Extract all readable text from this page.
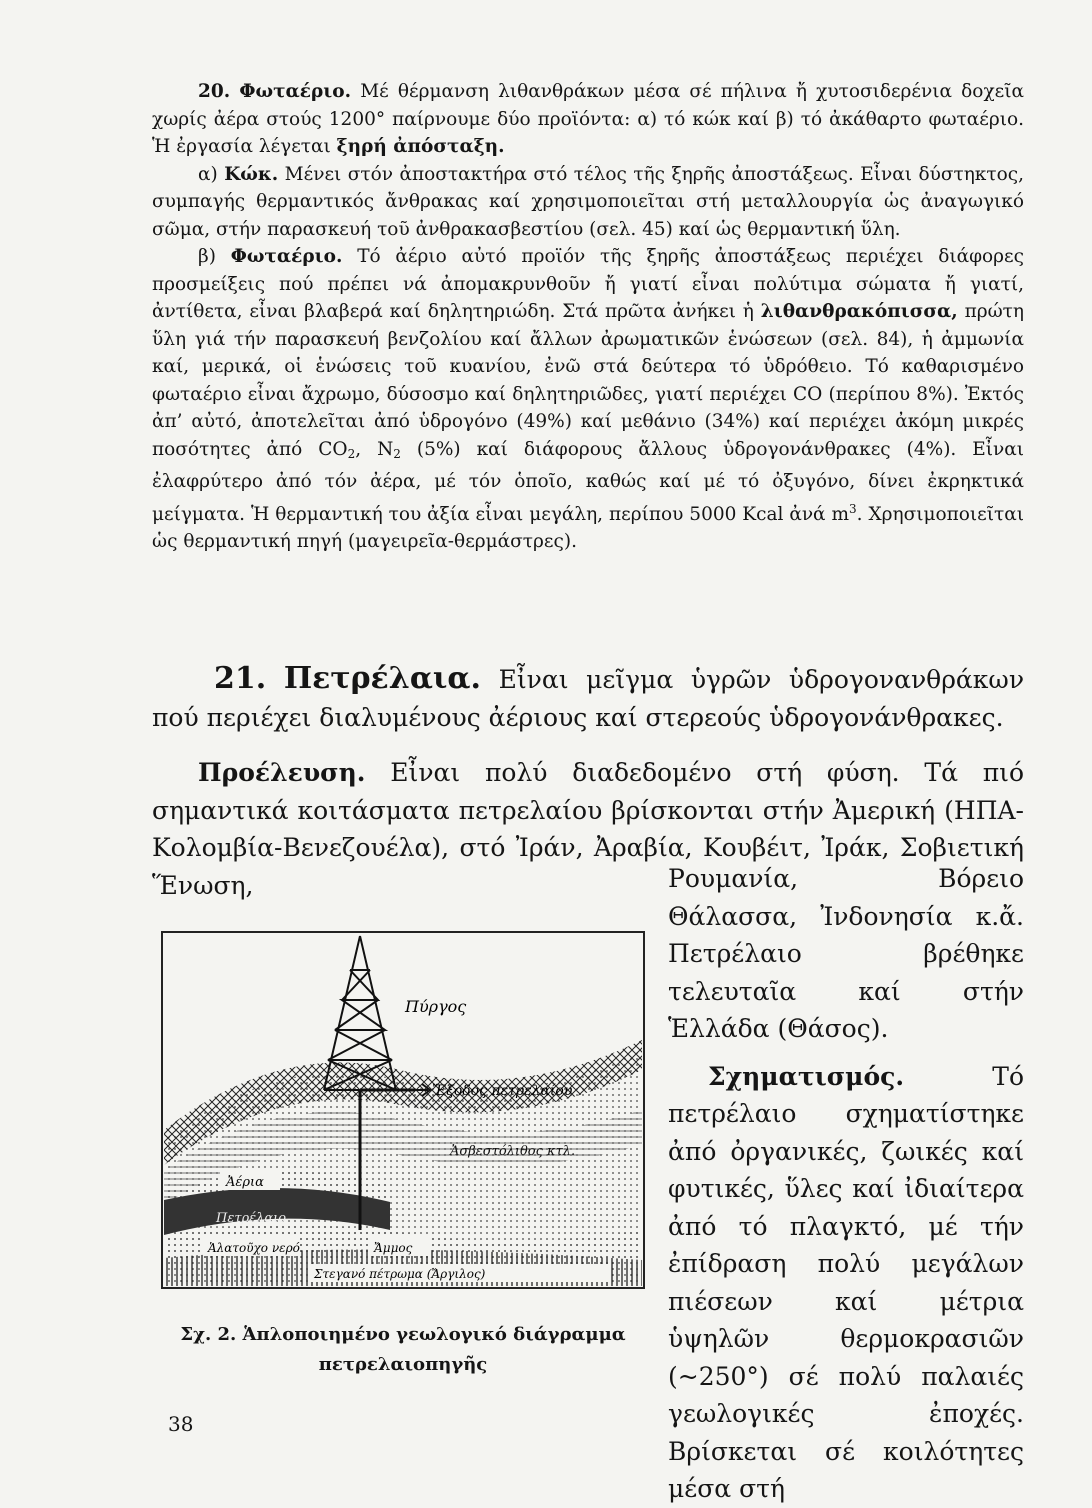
20. Φωταέριο. Μέ θέρμανση λιθανθράκων μέσα σέ πήλινα ἤ χυτοσιδερένια δοχεῖα χωρίς ἀέρα στούς 1200° παίρνουμε δύο προϊόντα: α) τό κώκ καί β) τό ἀκάθαρτο φωταέριο. Ἡ ἐργασία λέγεται ξηρή ἀπόσταξη.

α) Κώκ. Μένει στόν ἀποστακτήρα στό τέλος τῆς ξηρῆς ἀποστάξεως. Εἶναι δύστηκτος, συμπαγής θερμαντικός ἄνθρακας καί χρησιμοποιεῖται στή μεταλλουργία ὡς ἀναγωγικό σῶμα, στήν παρασκευή τοῦ ἀνθρακασβεστίου (σελ. 45) καί ὡς θερμαντική ὕλη.

β) Φωταέριο. Τό ἀέριο αὐτό προϊόν τῆς ξηρῆς ἀποστάξεως περιέχει διάφορες προσμείξεις πού πρέπει νά ἀπομακρυνθοῦν ἤ γιατί εἶναι πολύτιμα σώματα ἤ γιατί, ἀντίθετα, εἶναι βλαβερά καί δηλητηριώδη. Στά πρῶτα ἀνήκει ἡ λιθανθρακόπισσα, πρώτη ὕλη γιά τήν παρασκευή βενζολίου καί ἄλλων ἀρωματικῶν ἑνώσεων (σελ. 84), ἡ ἀμμωνία καί, μερικά, οἱ ἑνώσεις τοῦ κυανίου, ἐνῶ στά δεύτερα τό ὑδρόθειο. Τό καθαρισμένο φωταέριο εἶναι ἄχρωμο, δύσοσμο καί δηλητηριῶδες, γιατί περιέχει CO (περίπου 8%). Ἐκτός ἀπ’ αὐτό, ἀποτελεῖται ἀπό ὑδρογόνο (49%) καί μεθάνιο (34%) καί περιέχει ἀκόμη μικρές ποσότητες ἀπό $CO_2$, $N_2$ (5%) καί διάφορους ἄλλους ὑδρογονάνθρακες (4%). Εἶναι ἐλαφρύτερο ἀπό τόν ἀέρα, μέ τόν ὁποῖο, καθώς καί μέ τό ὀξυγόνο, δίνει ἐκρηκτικά μείγματα. Ἡ θερμαντική του ἀξία εἶναι μεγάλη, περίπου 5000 Kcal ἀνά $m^3$. Χρησιμοποιεῖται ὡς θερμαντική πηγή (μαγειρεῖα-θερμάστρες).

21. Πετρέλαια. Εἶναι μεῖγμα ὑγρῶν ὑδρογονανθράκων πού περιέχει διαλυμένους ἀέριους καί στερεούς ὑδρογονάνθρακες.

Προέλευση. Εἶναι πολύ διαδεδομένο στή φύση. Τά πιό σημαντικά κοιτάσματα πετρελαίου βρίσκονται στήν Ἀμερική (ΗΠΑ-Κολομβία-Βενεζουέλα), στό Ἰράν, Ἀραβία, Κουβέιτ, Ἰράκ, Σοβιετική Ἕνωση,	Ρουμανία, Βόρειο Θάλασσα, Ἰνδονησία κ.ἄ. Πετρέλαιο βρέθηκε τελευταῖα καί στήν Ἑλλάδα (Θάσος).

Σχηματισμός.	Τό πετρέλαιο σχηματίστηκε ἀπό ὀργανικές, ζωικές καί φυτικές, ὕλες καί ἰδιαίτερα ἀπό τό πλαγκτό, μέ τήν ἐπίδραση πολύ μεγάλων πιέσεων καί μέτρια ὑψηλῶν θερμοκρασιῶν (~250°) σέ πολύ παλαιές γεωλογικές ἐποχές. Βρίσκεται σέ κοιλότητες μέσα στή

Πύργος
Ἔξοδος πετρελαίου
Ἀσβεστόλιθος κτλ.
Ἀέρια
Πετρέλαιο
Ἁλατοῦχο νερό	Ἄμμος
Στεγανό πέτρωμα (Ἄργιλος)
Σχ. 2. Ἁπλοποιημένο γεωλογικό διάγραμμα
πετρελαιοπηγῆς
38
